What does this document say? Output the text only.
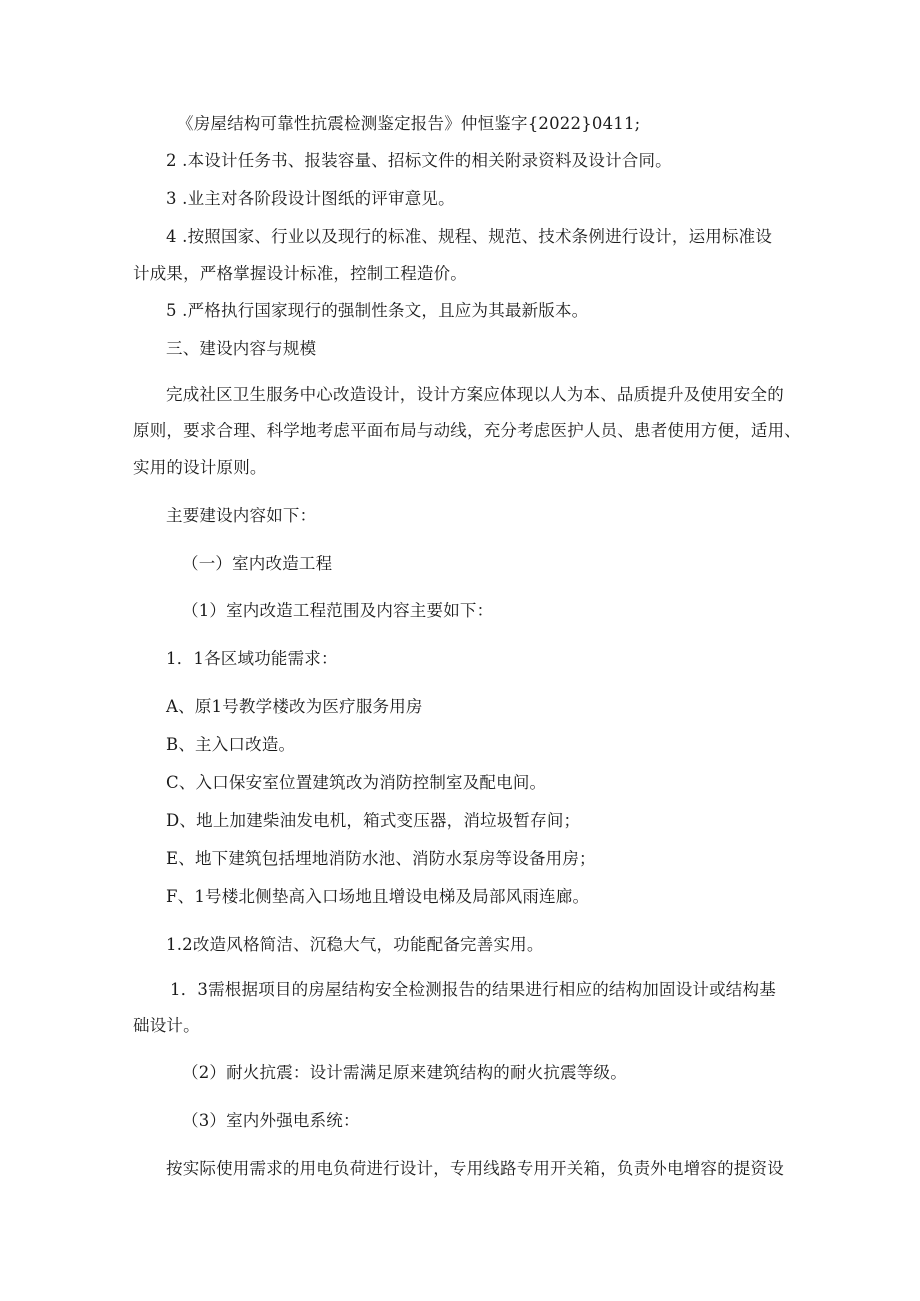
《房屋结构可靠性抗震检测鉴定报告》仲恒鉴字{2022}0411;
2 .本设计任务书、报装容量、招标文件的相关附录资料及设计合同。
3 .业主对各阶段设计图纸的评审意见。
4 .按照国家、行业以及现行的标准、规程、规范、技术条例进行设计，运用标准设
计成果，严格掌握设计标准，控制工程造价。
5 .严格执行国家现行的强制性条文，且应为其最新版本。
三、建设内容与规模
完成社区卫生服务中心改造设计，设计方案应体现以人为本、品质提升及使用安全的
原则，要求合理、科学地考虑平面布局与动线，充分考虑医护人员、患者使用方便，适用、
实用的设计原则。
主要建设内容如下：
（一）室内改造工程
（1）室内改造工程范围及内容主要如下：
1．1各区域功能需求：
A、原1号教学楼改为医疗服务用房
B、主入口改造。
C、入口保安室位置建筑改为消防控制室及配电间。
D、地上加建柴油发电机，箱式变压器，消垃圾暂存间；
E、地下建筑包括埋地消防水池、消防水泵房等设备用房；
F、1号楼北侧垫高入口场地且增设电梯及局部风雨连廊。
1.2改造风格简洁、沉稳大气，功能配备完善实用。
1．3需根据项目的房屋结构安全检测报告的结果进行相应的结构加固设计或结构基
础设计。
（2）耐火抗震：设计需满足原来建筑结构的耐火抗震等级。
（3）室内外强电系统：
按实际使用需求的用电负荷进行设计，专用线路专用开关箱，负责外电增容的提资设
